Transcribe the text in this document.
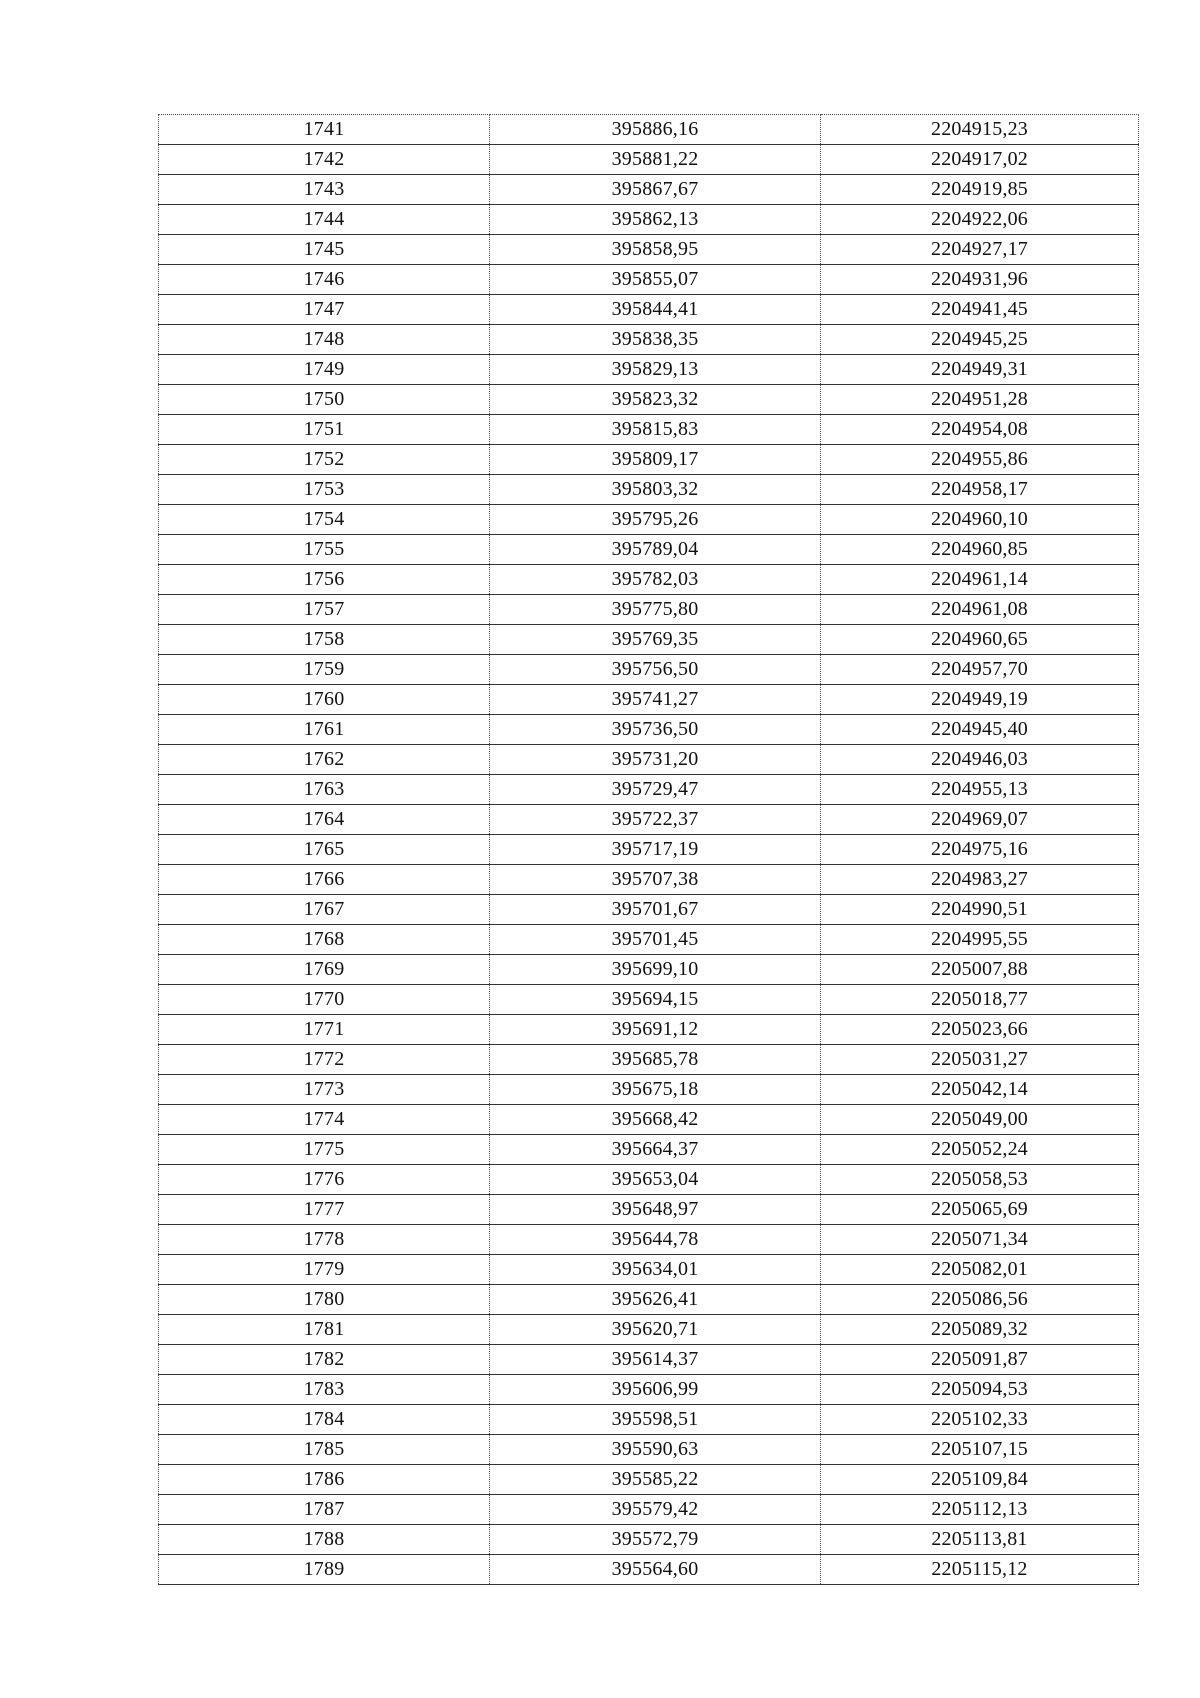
1741	395886,16	2204915,23
1742	395881,22	2204917,02
1743	395867,67	2204919,85
1744	395862,13	2204922,06
1745	395858,95	2204927,17
1746	395855,07	2204931,96
1747	395844,41	2204941,45
1748	395838,35	2204945,25
1749	395829,13	2204949,31
1750	395823,32	2204951,28
1751	395815,83	2204954,08
1752	395809,17	2204955,86
1753	395803,32	2204958,17
1754	395795,26	2204960,10
1755	395789,04	2204960,85
1756	395782,03	2204961,14
1757	395775,80	2204961,08
1758	395769,35	2204960,65
1759	395756,50	2204957,70
1760	395741,27	2204949,19
1761	395736,50	2204945,40
1762	395731,20	2204946,03
1763	395729,47	2204955,13
1764	395722,37	2204969,07
1765	395717,19	2204975,16
1766	395707,38	2204983,27
1767	395701,67	2204990,51
1768	395701,45	2204995,55
1769	395699,10	2205007,88
1770	395694,15	2205018,77
1771	395691,12	2205023,66
1772	395685,78	2205031,27
1773	395675,18	2205042,14
1774	395668,42	2205049,00
1775	395664,37	2205052,24
1776	395653,04	2205058,53
1777	395648,97	2205065,69
1778	395644,78	2205071,34
1779	395634,01	2205082,01
1780	395626,41	2205086,56
1781	395620,71	2205089,32
1782	395614,37	2205091,87
1783	395606,99	2205094,53
1784	395598,51	2205102,33
1785	395590,63	2205107,15
1786	395585,22	2205109,84
1787	395579,42	2205112,13
1788	395572,79	2205113,81
1789	395564,60	2205115,12
